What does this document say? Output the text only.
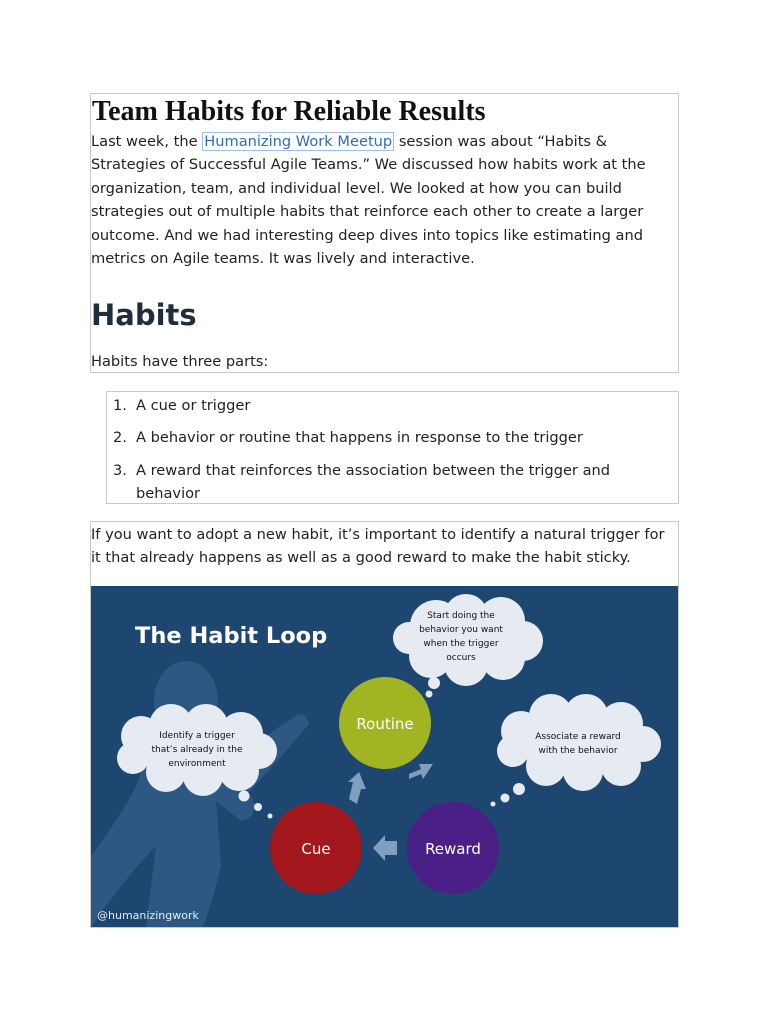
Team Habits for Reliable Results

Last week, the Humanizing Work Meetup session was about “Habits & Strategies of Successful Agile Teams.” We discussed how habits work at the organization, team, and individual level. We looked at how you can build strategies out of multiple habits that reinforce each other to create a larger outcome. And we had interesting deep dives into topics like estimating and metrics on Agile teams. It was lively and interactive.

Habits

Habits have three parts:

1. A cue or trigger
2. A behavior or routine that happens in response to the trigger
3. A reward that reinforces the association between the trigger and behavior

If you want to adopt a new habit, it’s important to identify a natural trigger for it that already happens as well as a good reward to make the habit sticky.

The Habit Loop
Start doing the
behavior you want
when the trigger
occurs
Identify a trigger
that’s already in the
environment
Associate a reward
with the behavior
Routine
Cue	Reward
@humanizingwork
